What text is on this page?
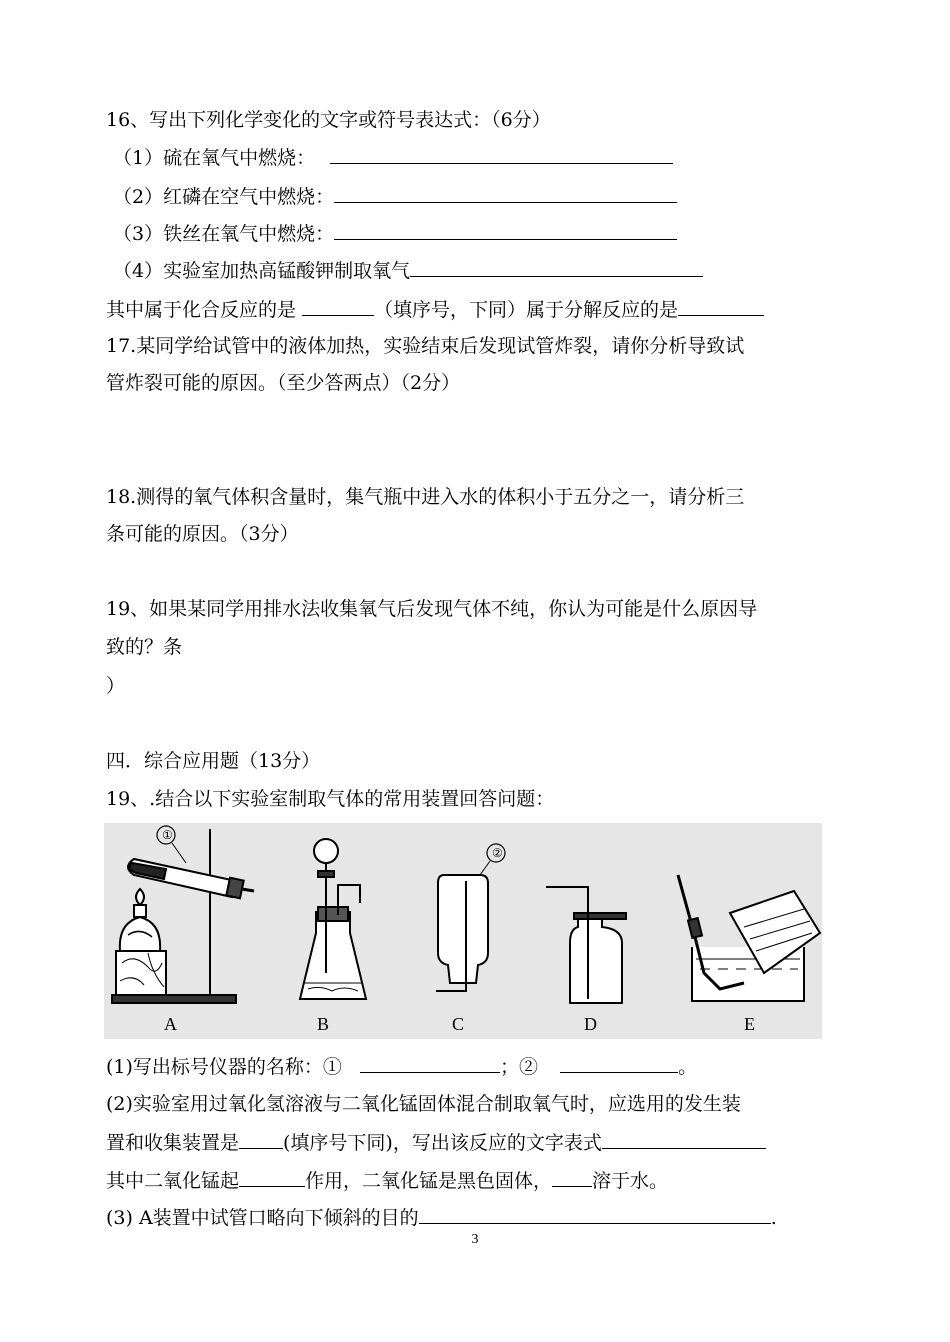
16、写出下列化学变化的文字或符号表达式：（6分）
（1）硫在氧气中燃烧：
（2）红磷在空气中燃烧：
（3）铁丝在氧气中燃烧：
（4）实验室加热高锰酸钾制取氧气
其中属于化合反应的是	（填序号，下同）属于分解反应的是
17.某同学给试管中的液体加热，实验结束后发现试管炸裂，请你分析导致试
管炸裂可能的原因。（至少答两点）（2分）
18.测得的氧气体积含量时，集气瓶中进入水的体积小于五分之一，请分析三
条可能的原因。（3分）
19、如果某同学用排水法收集氧气后发现气体不纯，你认为可能是什么原因导
致的？条
）
四．综合应用题（13分）
19、.结合以下实验室制取气体的常用装置回答问题：
①
A	B
②
C	D	E
(1)写出标号仪器的名称：①	；②	。
(2)实验室用过氧化氢溶液与二氧化锰固体混合制取氧气时，应选用的发生装
置和收集装置是 (填序号下同)，写出该反应的文字表式
其中二氧化锰起	作用，二氧化锰是黑色固体， 溶于水。
(3) A装置中试管口略向下倾斜的目的	.
3
